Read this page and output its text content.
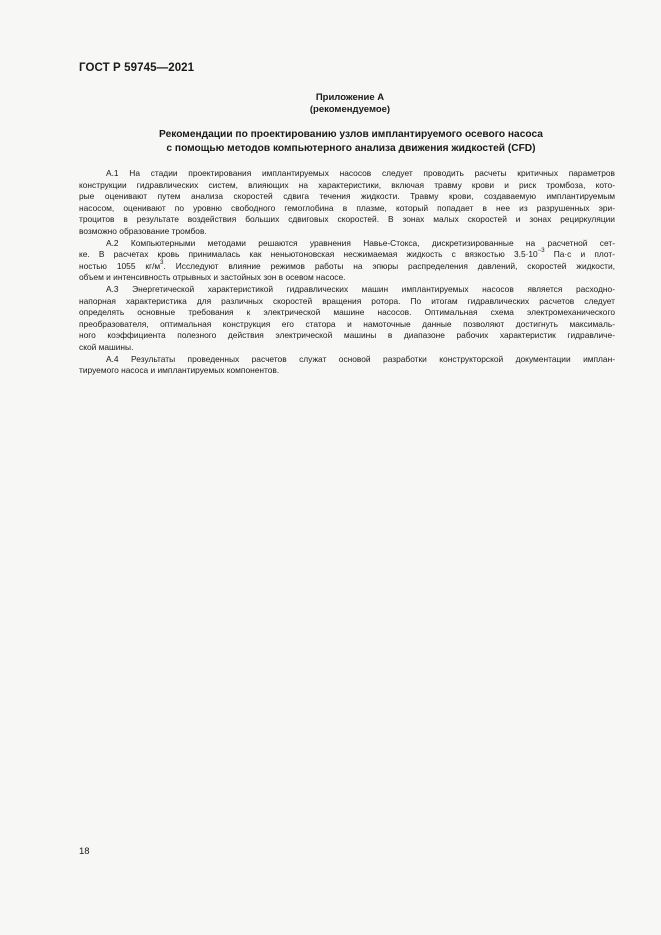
ГОСТ Р 59745—2021
Приложение А
(рекомендуемое)
Рекомендации по проектированию узлов имплантируемого осевого насоса
с помощью методов компьютерного анализа движения жидкостей (CFD)
А.1 На стадии проектирования имплантируемых насосов следует проводить расчеты критичных параметров
конструкции гидравлических систем, влияющих на характеристики, включая травму крови и риск тромбоза, кото-
рые оценивают путем анализа скоростей сдвига течения жидкости. Травму крови, создаваемую имплантируемым
насосом, оценивают по уровню свободного гемоглобина в плазме, который попадает в нее из разрушенных эри-
троцитов в результате воздействия больших сдвиговых скоростей. В зонах малых скоростей и зонах рециркуляции
возможно образование тромбов.
А.2 Компьютерными методами решаются уравнения Навье-Стокса, дискретизированные на расчетной сет-
ке. В расчетах кровь принималась как неньютоновская несжимаемая жидкость с вязкостью $3.5\cdot 10^{-3}$ Па·с и плот-
ностью 1055 $кг/м^3$. Исследуют влияние режимов работы на эпюры распределения давлений, скоростей жидкости,
объем и интенсивность отрывных и застойных зон в осевом насосе.
А.3 Энергетической характеристикой гидравлических машин имплантируемых насосов является расходно-
напорная характеристика для различных скоростей вращения ротора. По итогам гидравлических расчетов следует
определять основные требования к электрической машине насосов. Оптимальная схема электромеханического
преобразователя, оптимальная конструкция его статора и намоточные данные позволяют достигнуть максималь-
ного коэффициента полезного действия электрической машины в диапазоне рабочих характеристик гидравличе-
ской машины.
А.4 Результаты проведенных расчетов служат основой разработки конструкторской документации имплан-
тируемого насоса и имплантируемых компонентов.
18
